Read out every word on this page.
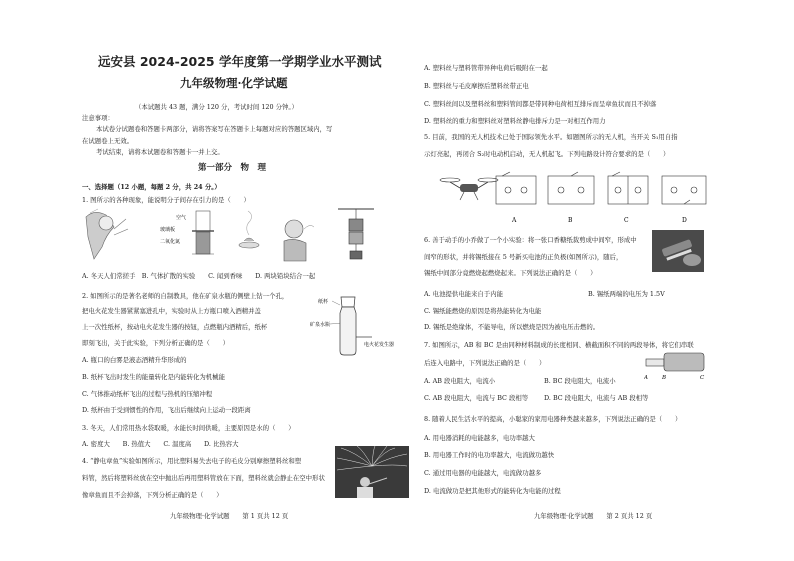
远安县 2024-2025 学年度第一学期学业水平测试
九年级物理·化学试题
（本试题共 43 题，满分 120 分，考试时间 120 分钟。）
注意事项：
本试卷分试题卷和答题卡两部分，请将答案写在答题卡上每题对应的答题区域内，写
在试题卷上无效。
考试结束，请将本试题卷和答题卡一并上交。
第一部分　物　理
一、选择题（12 小题，每题 2 分，共 24 分。）
1. 图所示的各种现象，能说明分子间存在引力的是（　　）
空气
玻璃板
二氧化氮
A. 冬天人们常搓手　B. 气体扩散的实验　　C. 闻到香味　　D. 两块铅块结合一起
2. 如图所示的是著名老师的自制教具，他在矿泉水瓶的侧壁上钻一个孔，
把电火花发生器紧紧塞进孔中，实验时从上方瓶口喷入酒精并盖
上一次性纸杯，按动电火花发生器的按钮，点燃瓶内酒精后，纸杯
即刻飞出，关于此实验，下列分析正确的是（　　）
纸杯
矿泉水瓶
电火花发生器
A. 瓶口的白雾是液态酒精升华形成的
B. 纸杯飞出时发生的能量转化是内能转化为机械能
C. 气体推动纸杯飞出的过程与热机的压缩冲程
D. 纸杯由于受到惯性的作用，飞出后继续向上运动一段距离
3. 冬天，人们常用热水袋取暖，水能长时间供暖，主要原因是水的（　　）
A. 密度大　　B. 热值大　　C. 温度高　　D. 比热容大
4. “静电章鱼”实验如图所示，用比塑料易失去电子的毛皮分别摩擦塑料丝和塑
料管，然后将塑料丝放在空中抛出后再用塑料管放在下面，塑料丝就会静止在空中形状
像章鱼而且不会掉落，下列分析正确的是（　　）
九年级物理·化学试题　　第 1 页共 12 页
A. 塑料丝与塑料管带异种电荷后吸附在一起
B. 塑料丝与毛皮摩擦后塑料丝带正电
C. 塑料丝间以及塑料丝和塑料管间都是带同种电荷相互排斥而呈章鱼状而且不掉落
D. 塑料丝的重力和塑料丝对塑料丝静电排斥力是一对相互作用力
5. 目前，我国的无人机技术已处于国际领先水平。如题图所示的无人机，当开关 S₁用自指
示灯亮起，再闭合 S₂时电动机启动，无人机起飞。下列电路设计符合要求的是（　　）
A	B	C	D
6. 善于动手的小乔做了一个小实验：将一张口香糖纸裁剪成中间窄，形成中
间窄的形状，并将锡纸接在 5 号新买电池的正负极(如图所示)，随后，
锡纸中间部分竟燃烧起燃烧起来。下列说法正确的是（　　）
A. 电池提供电能来自于内能	B. 锡纸两端的电压为 1.5V
C. 锡纸能燃烧的原因是将热能转化为电能
D. 锡纸是绝缘体，不能导电，所以燃烧是因为被电压击燃的。
7. 如图所示，AB 和 BC 是由同种材料制成的长度相同、横截面积不同的两段导体，将它们串联
后连入电路中，下列说法正确的是（　　）
A	B	C
A. AB 段电阻大，电流小	B. BC 段电阻大，电流小
C. AB 段电阻大，电流与 BC 段相等 D. BC 段电阻大，电流与 AB 段相等
8. 随着人民生活水平的提高，小聪家的家用电器种类越来越多，下列说法正确的是（　　）
A. 用电器消耗的电能越多，电功率越大
B. 用电器工作时的电功率越大，电流做功越快
C. 通过用电器的电能越大，电流做功越多
D. 电流做功是把其他形式的能转化为电能的过程
九年级物理·化学试题　　第 2 页共 12 页
